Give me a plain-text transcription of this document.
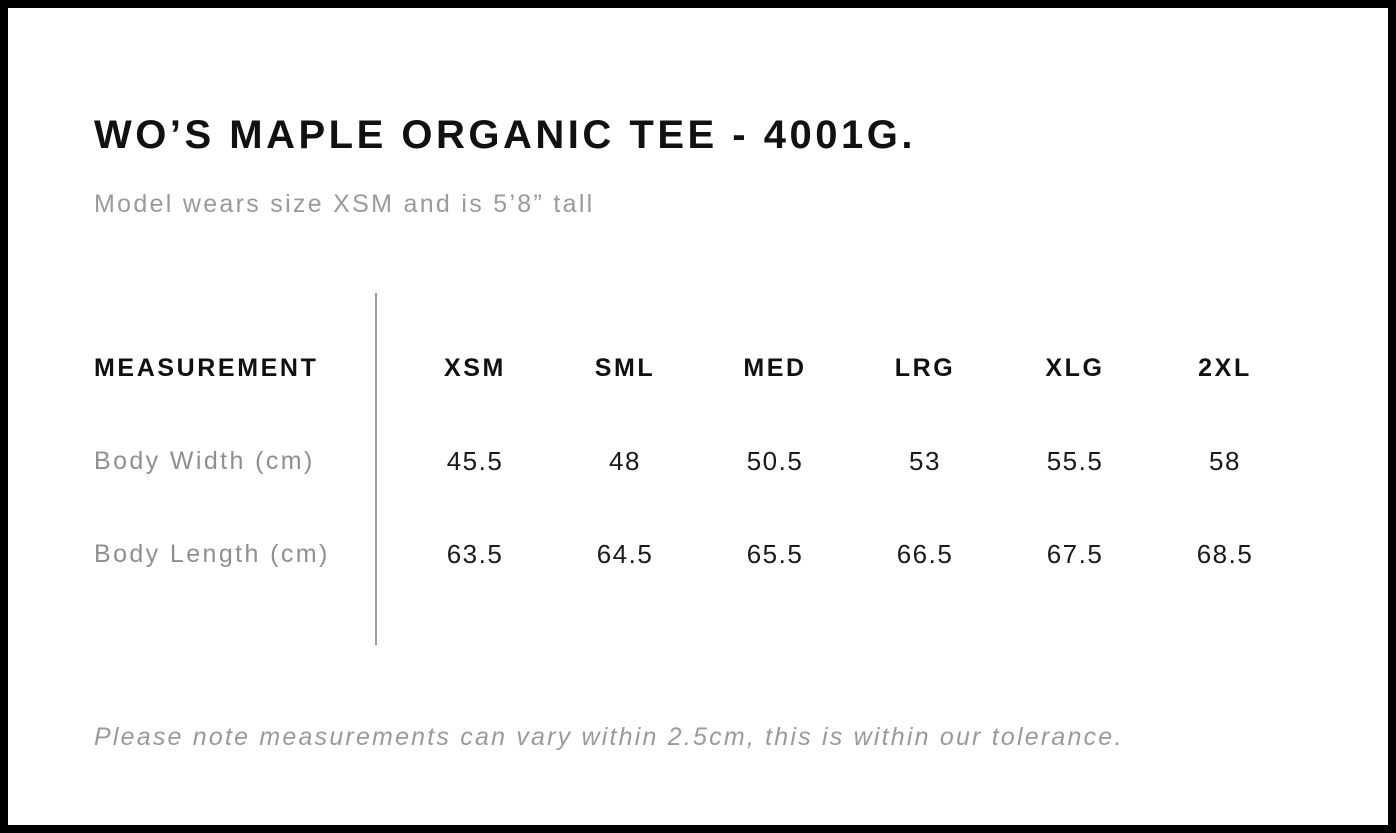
WO’S MAPLE ORGANIC TEE - 4001G.

Model wears size XSM and is 5’8” tall

MEASUREMENT	XSM	SML	MED	LRG	XLG	2XL
Body Width (cm)	45.5	48	50.5	53	55.5	58
Body Length (cm)	63.5	64.5	65.5	66.5	67.5	68.5

Please note measurements can vary within 2.5cm, this is within our tolerance.
